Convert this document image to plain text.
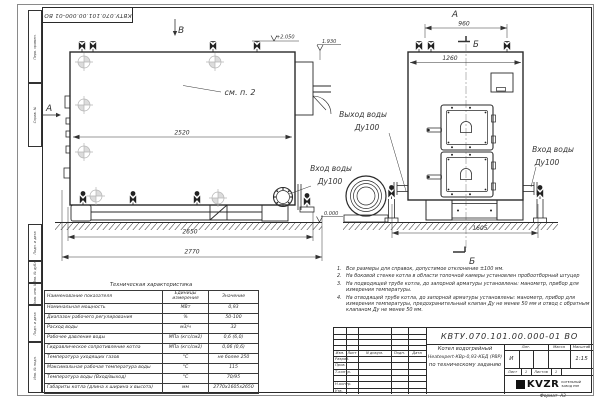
Перв. примен.
Справ. №
Подп. и дата
Инв. № дубл.
Взам. инв. №
Подп. и дата
Инв. № подл.
КВТУ.070.101.00.000-01 ВО
В
А
см. п. 2
+2.050
1.930
0.000
2520
2650
2770
А
960
1260
1605
Б
Б
Выход воды
Ду100
Вход воды
Ду100
Вход воды
Ду100
Техническая характеристика
Наименование показателя	Единицы измерения	Значение
Номинальная мощность	МВт	0,93
Диапазон рабочего регулирования	%	50-100
Расход воды	м3/ч	32
Рабочее давление воды	МПа (кгс/см2)	0,6 (6,0)
Гидравлическое сопротивление котла	МПа (кгс/см2)	0,06 (0,6)
Температура уходящих газов	°С	не более 250
Максимальная рабочая температура воды	°С	115
Температура воды (Вход/выход)	°С	70/95
Габариты котла (длина х ширина х высота)	мм	2770х1605х2650
1. Все размеры для справок, допустимое отклонение ±100 мм.
2. На боковой стенке котла в области топочной камеры установлен пробоотборный штуцер
3. На подводящей трубе котла, до запорной арматуры установлены: манометр, прибор для измерения температуры.
4. На отводящей трубе котла, до запорной арматуры установлены: манометр, прибор для измерения температуры, предохранительный клапан Ду не менее 50 мм и отвод с обратным клапаном Ду не менее 50 мм.
КВТУ.070.101.00.000-01 ВО
Изм. Лист	N докум.	Подп.	Дата
Разраб.
Пров.
Т.контр.
Н.контр.
Утв.
Котел водогрейный
Heatexpert-КВр-0,93-КБД (РВР)
по техническому заданию
Лит.	Масса	Масштаб
И	1:15
Лист	1	Листов	1
KVZR КОТЕЛЬНЫЙ
ЗАВОД РЭП
Формат А3
